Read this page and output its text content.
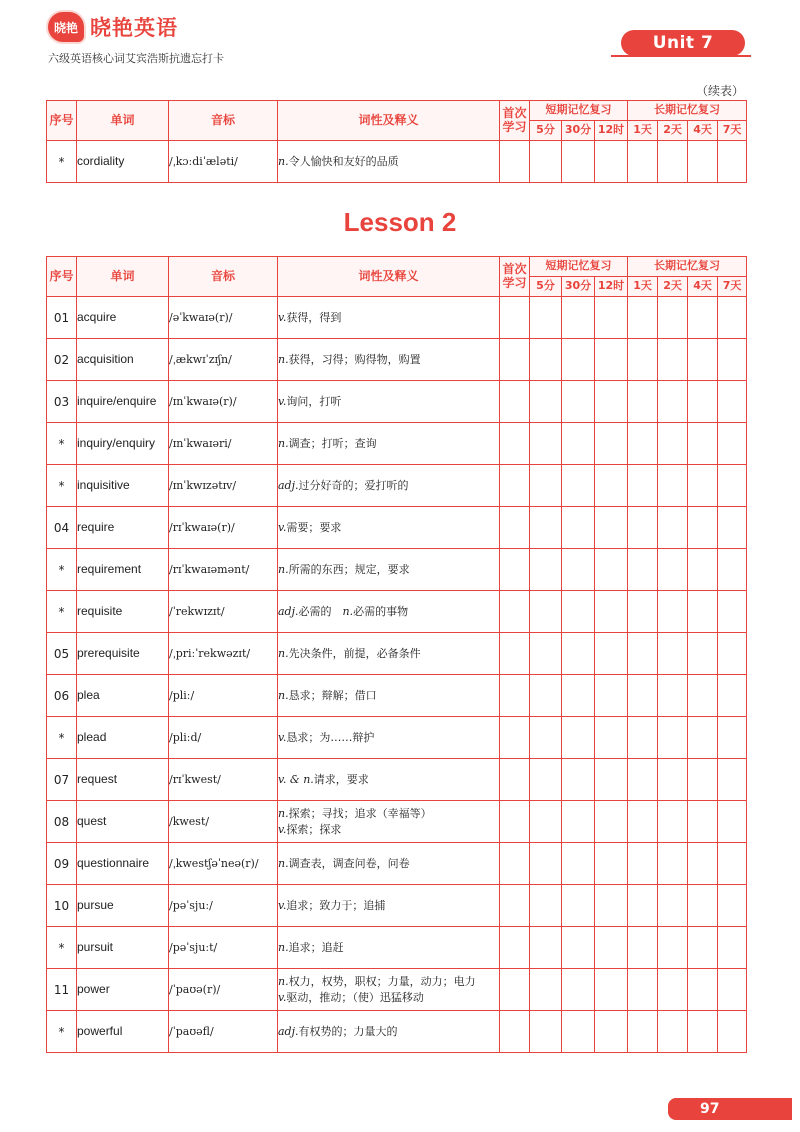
晓艳 晓艳英语
六级英语核心词艾宾浩斯抗遗忘打卡
Unit 7
（续表）
序号	单词	音标	词性及释义	首次学习	短期记忆复习			长期记忆复习			
					5分	30分	12时	1天	2天	4天	7天
*	cordiality	/ˌkɔːdiˈæləti/	n.令人愉快和友好的品质								
Lesson 2
序号	单词	音标	词性及释义	首次学习	短期记忆复习			长期记忆复习			
					5分	30分	12时	1天	2天	4天	7天
01	acquire	/əˈkwaɪə(r)/	v.获得，得到								
02	acquisition	/ˌækwɪˈzɪʃn/	n.获得，习得；购得物，购置								
03	inquire/enquire	/ɪnˈkwaɪə(r)/	v.询问，打听								
*	inquiry/enquiry	/ɪnˈkwaɪəri/	n.调查；打听；查询								
*	inquisitive	/ɪnˈkwɪzətɪv/	adj.过分好奇的；爱打听的								
04	require	/rɪˈkwaɪə(r)/	v.需要；要求								
*	requirement	/rɪˈkwaɪəmənt/	n.所需的东西；规定，要求								
*	requisite	/ˈrekwɪzɪt/	adj.必需的　n.必需的事物								
05	prerequisite	/ˌpriːˈrekwəzɪt/	n.先决条件，前提，必备条件								
06	plea	/pliː/	n.恳求；辩解；借口								
*	plead	/pliːd/	v.恳求；为……辩护								
07	request	/rɪˈkwest/	v. & n.请求，要求								
08	quest	/kwest/	n.探索；寻找；追求（幸福等）
v.探索；探求								
09	questionnaire	/ˌkwestʃəˈneə(r)/	n.调查表，调查问卷，问卷								
10	pursue	/pəˈsjuː/	v.追求；致力于；追捕								
*	pursuit	/pəˈsjuːt/	n.追求；追赶								
11	power	/ˈpaʊə(r)/	n.权力，权势，职权；力量，动力；电力
v.驱动，推动；（使）迅猛移动								
*	powerful	/ˈpaʊəfl/	adj.有权势的；力量大的								
97
